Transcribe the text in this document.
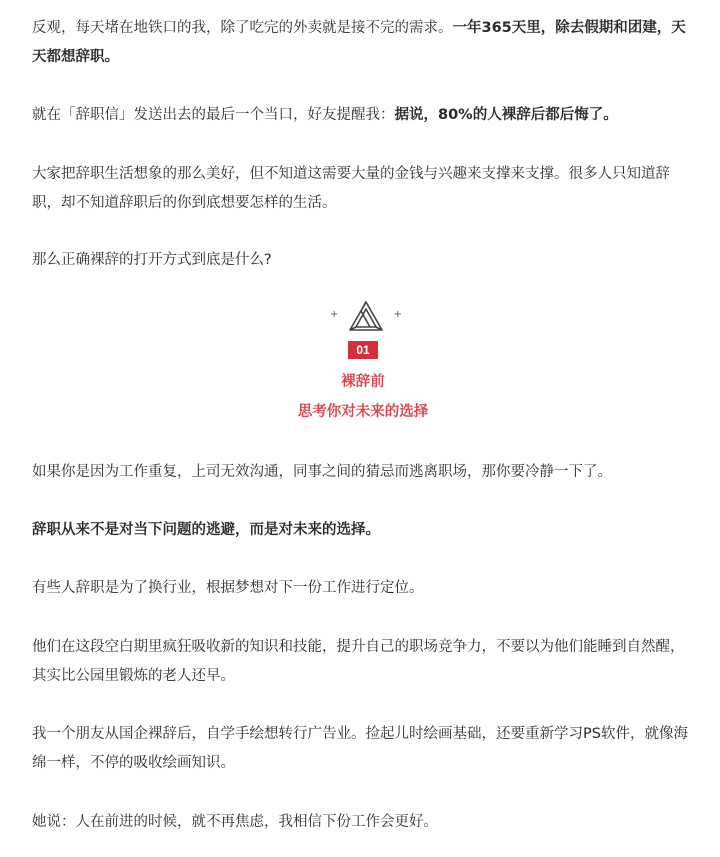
反观，每天堵在地铁口的我，除了吃完的外卖就是接不完的需求。一年365天里，除去假期和团建，天天都想辞职。

就在「辞职信」发送出去的最后一个当口，好友提醒我：据说，80%的人裸辞后都后悔了。

大家把辞职生活想象的那么美好，但不知道这需要大量的金钱与兴趣来支撑来支撑。很多人只知道辞职，却不知道辞职后的你到底想要怎样的生活。

那么正确裸辞的打开方式到底是什么?

+	+
01

裸辞前

思考你对未来的选择

如果你是因为工作重复，上司无效沟通，同事之间的猜忌而逃离职场，那你要冷静一下了。

辞职从来不是对当下问题的逃避，而是对未来的选择。

有些人辞职是为了换行业，根据梦想对下一份工作进行定位。

他们在这段空白期里疯狂吸收新的知识和技能，提升自己的职场竞争力，不要以为他们能睡到自然醒，其实比公园里锻炼的老人还早。

我一个朋友从国企裸辞后，自学手绘想转行广告业。捡起儿时绘画基础，还要重新学习PS软件，就像海绵一样，不停的吸收绘画知识。

她说：人在前进的时候，就不再焦虑，我相信下份工作会更好。
